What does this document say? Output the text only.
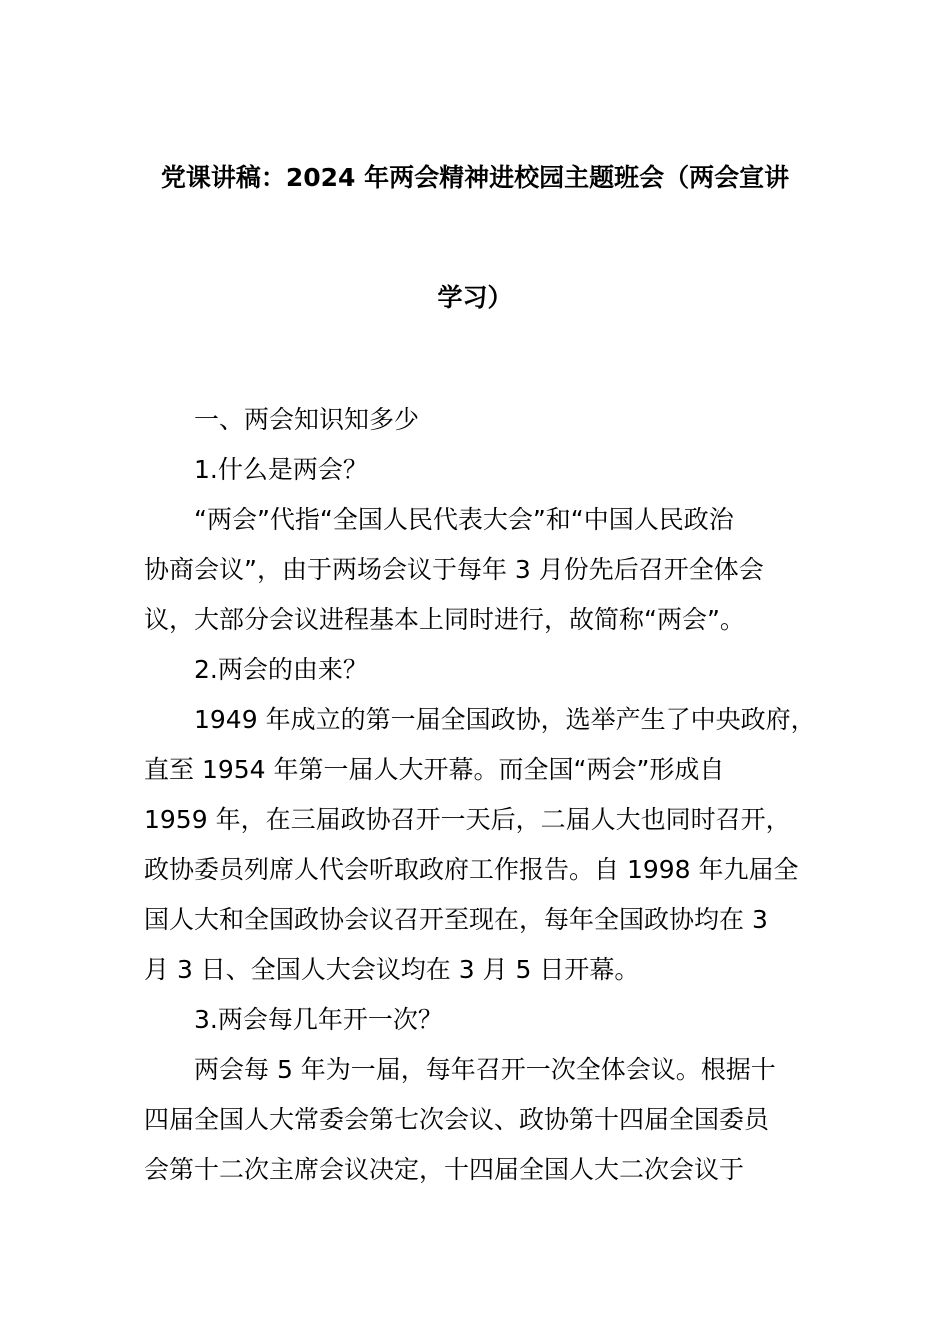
党课讲稿：2024 年两会精神进校园主题班会（两会宣讲
学习）
一、两会知识知多少
1.什么是两会？
“两会”代指“全国人民代表大会”和“中国人民政治
协商会议”，由于两场会议于每年 3 月份先后召开全体会
议，大部分会议进程基本上同时进行，故简称“两会”。
2.两会的由来？
1949 年成立的第一届全国政协，选举产生了中央政府，
直至 1954 年第一届人大开幕。而全国“两会”形成自
1959 年，在三届政协召开一天后，二届人大也同时召开，
政协委员列席人代会听取政府工作报告。自 1998 年九届全
国人大和全国政协会议召开至现在，每年全国政协均在 3
月 3 日、全国人大会议均在 3 月 5 日开幕。
3.两会每几年开一次？
两会每 5 年为一届，每年召开一次全体会议。根据十
四届全国人大常委会第七次会议、政协第十四届全国委员
会第十二次主席会议决定，十四届全国人大二次会议于
